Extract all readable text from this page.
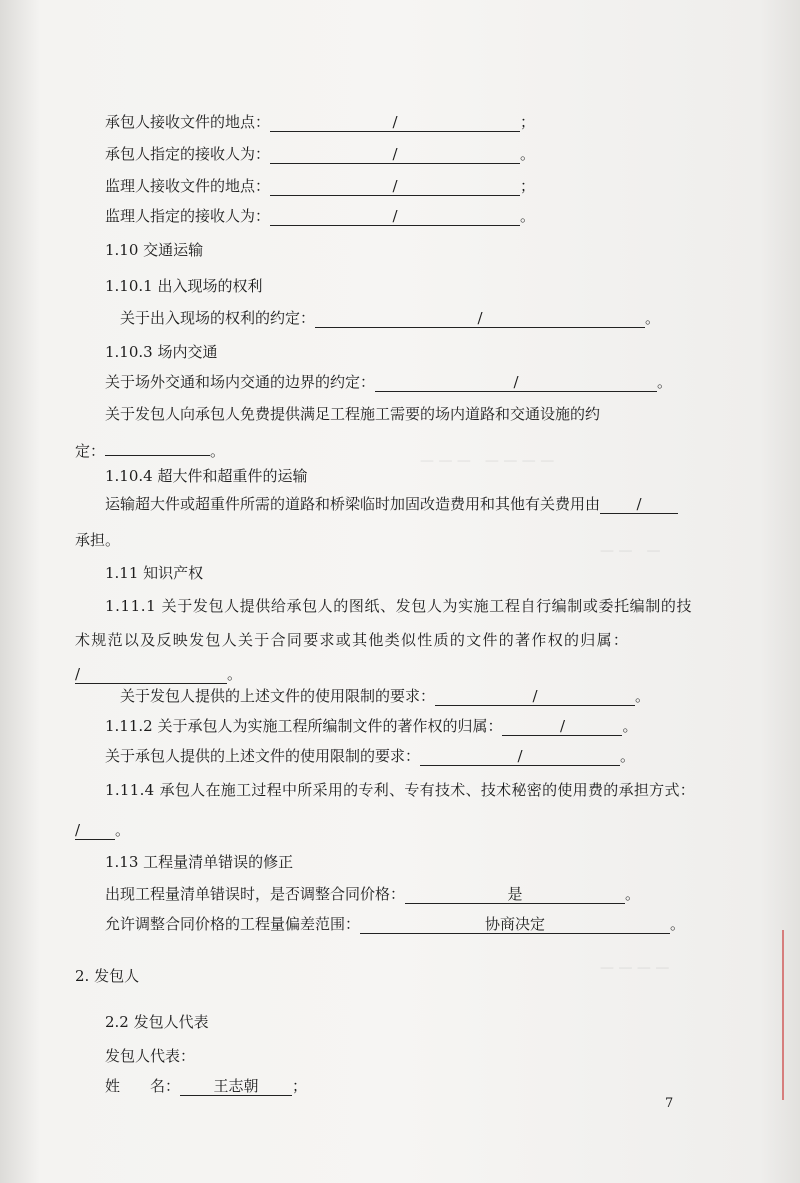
— — —　— — — —
— —　—
— — — —
承包人接收文件的地点：	/	；
承包人指定的接收人为：	/	。
监理人接收文件的地点：	/	；
监理人指定的接收人为：	/	。
1.10 交通运输
1.10.1 出入现场的权利
关于出入现场的权利的约定：	/	。
1.10.3 场内交通
关于场外交通和场内交通的边界的约定：	/	。
关于发包人向承包人免费提供满足工程施工需要的场内道路和交通设施的约
定：	。
1.10.4 超大件和超重件的运输
运输超大件或超重件所需的道路和桥梁临时加固改造费用和其他有关费用由 /
承担。
1.11 知识产权
1.11.1 关于发包人提供给承包人的图纸、发包人为实施工程自行编制或委托编制的技
术规范以及反映发包人关于合同要求或其他类似性质的文件的著作权的归属：
/	。
关于发包人提供的上述文件的使用限制的要求：	/	。
1.11.2 关于承包人为实施工程所编制文件的著作权的归属：	/	。
关于承包人提供的上述文件的使用限制的要求：	/	。
1.11.4 承包人在施工过程中所采用的专利、专有技术、技术秘密的使用费的承担方式：
/ 。
1.13 工程量清单错误的修正
出现工程量清单错误时，是否调整合同价格：	是	。
允许调整合同价格的工程量偏差范围：	协商决定	。
2. 发包人
2.2 发包人代表
发包人代表：
姓　　名： 王志朝 ；
7
